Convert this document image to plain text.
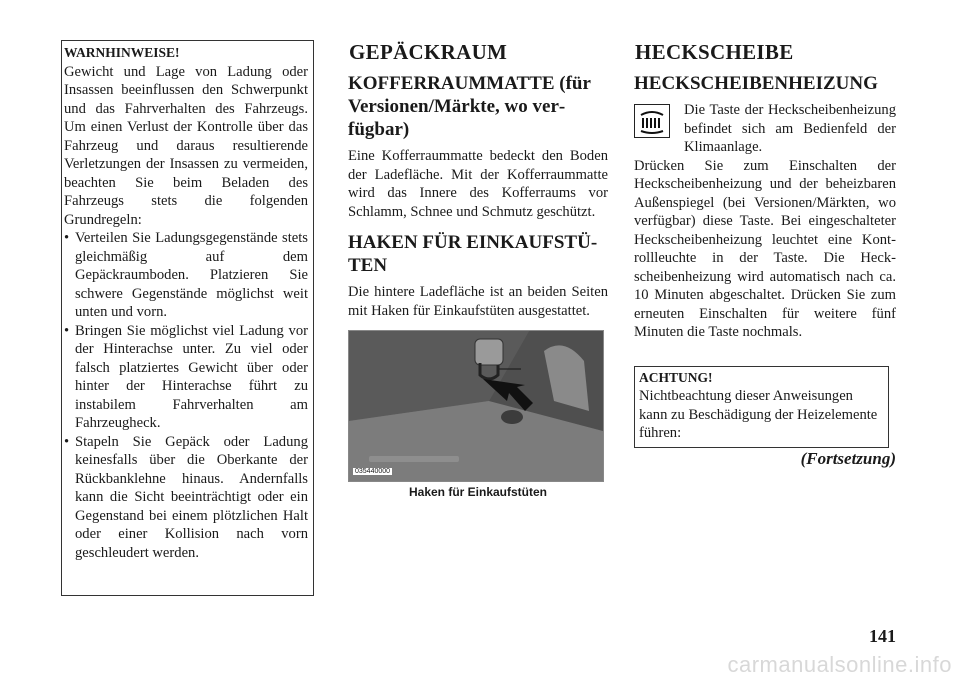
WARNHINWEISE!

Gewicht und Lage von Ladung oder Insassen beeinflussen den Schwerpunkt und das Fahrverhalten des Fahrzeugs. Um einen Verlust der Kontrolle über das Fahrzeug und daraus resultierende Verletzungen der Insassen zu vermeiden, beachten Sie beim Beladen des Fahrzeugs stets die folgenden Grundregeln:

• Verteilen Sie Ladungsgegenstände stets gleichmäßig auf dem Gepäckraumboden. Platzieren Sie schwere Gegenstände möglichst weit unten und vorn.
• Bringen Sie möglichst viel Ladung vor der Hinterachse unter. Zu viel oder falsch platziertes Gewicht über oder hinter der Hinterachse führt zu instabilem Fahrverhalten am Fahrzeugheck.
• Stapeln Sie Gepäck oder Ladung keinesfalls über die Oberkante der Rückbanklehne hinaus. Andernfalls kann die Sicht beeinträchtigt oder ein Gegenstand bei einem plötzlichen Halt oder einer Kollision nach vorn geschleudert werden.
GEPÄCKRAUM
KOFFERRAUMMATTE (für Versionen/Märkte, wo verfügbar)

Eine Kofferraummatte bedeckt den Boden der Ladefläche. Mit der Kofferraummatte wird das Innere des Kofferraums vor Schlamm, Schnee und Schmutz geschützt.

HAKEN FÜR EINKAUFSTÜTEN

Die hintere Ladefläche ist an beiden Seiten mit Haken für Einkaufstüten ausgestattet.

035440000
Haken für Einkaufstüten
HECKSCHEIBE
HECKSCHEIBENHEIZUNG

Die Taste der Heckscheibenheizung befindet sich am Bedienfeld der Klimaanlage.

Drücken Sie zum Einschalten der Heckscheibenheizung und der beheizbaren Außenspiegel (bei Versionen/Märkten, wo verfügbar) diese Taste. Bei eingeschalteter Heckscheibenheizung leuchtet eine Kontrollleuchte in der Taste. Die Heckscheibenheizung wird automatisch nach ca. 10 Minuten abgeschaltet. Drücken Sie zum erneuten Einschalten für weitere fünf Minuten die Taste nochmals.

ACHTUNG!

Nichtbeachtung dieser Anweisungen kann zu Beschädigung der Heizelemente führen:

(Fortsetzung)
141
carmanualsonline.info
